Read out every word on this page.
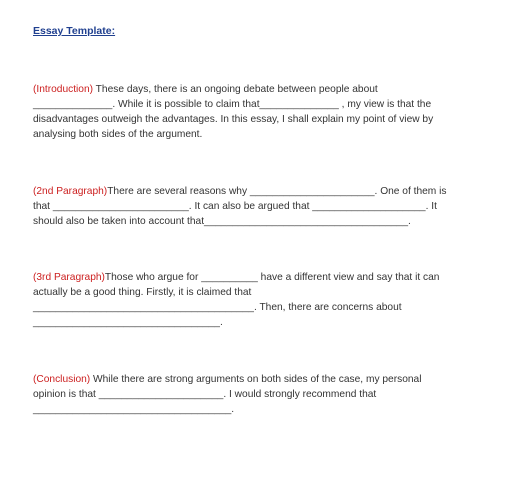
Essay Template:
(Introduction) These days, there is an ongoing debate between people about
______________. While it is possible to claim that______________ , my view is that the
disadvantages outweigh the advantages. In this essay, I shall explain my point of view by
analysing both sides of the argument.
(2nd Paragraph)There are several reasons why ______________________. One of them is
that ________________________. It can also be argued that ____________________. It
should also be taken into account that____________________________________.
(3rd Paragraph)Those who argue for __________ have a different view and say that it can
actually be a good thing. Firstly, it is claimed that
_______________________________________. Then, there are concerns about
_________________________________.
(Conclusion) While there are strong arguments on both sides of the case, my personal
opinion is that ______________________. I would strongly recommend that
___________________________________.
